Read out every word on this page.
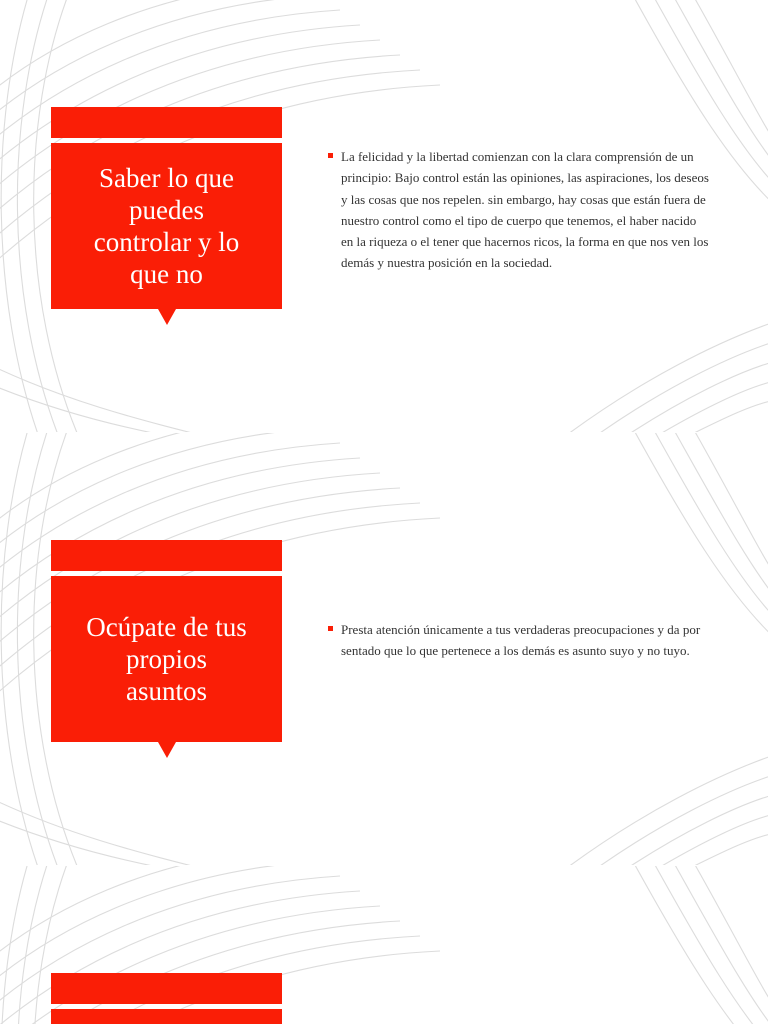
Saber lo que
puedes
controlar y lo
que no

La felicidad y la libertad comienzan con la clara comprensión de un principio: Bajo control están las opiniones, las aspiraciones, los deseos y las cosas que nos repelen. sin embargo, hay cosas que están fuera de nuestro control como el tipo de cuerpo que tenemos, el haber nacido en la riqueza o el tener que hacernos ricos, la forma en que nos ven los demás y nuestra posición en la sociedad.

Ocúpate de tus
propios
asuntos

Presta atención únicamente a tus verdaderas preocupaciones y da por sentado que lo que pertenece a los demás es asunto suyo y no tuyo.
